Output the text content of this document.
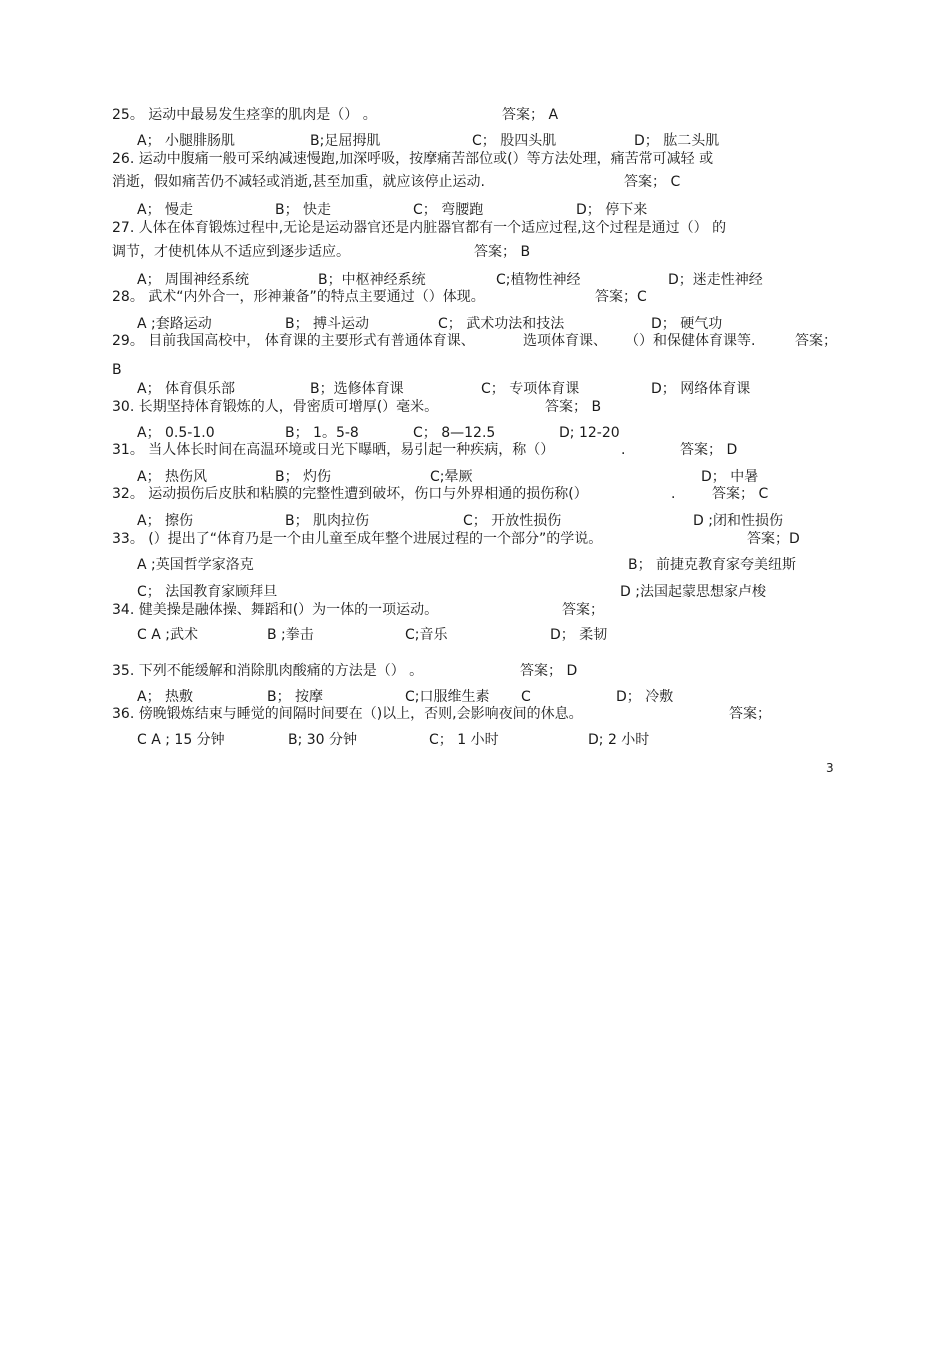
25。 运动中最易发生痉挛的肌肉是（） 。	答案； A
A； 小腿腓肠肌	B;足屈拇肌	C； 股四头肌	D； 肱二头肌
26. 运动中腹痛一般可采纳减速慢跑,加深呼吸，按摩痛苦部位或(）等方法处理，痛苦常可减轻 或
消逝，假如痛苦仍不减轻或消逝,甚至加重，就应该停止运动.	答案； C
A； 慢走	B； 快走	C； 弯腰跑	D； 停下来
27. 人体在体育锻炼过程中,无论是运动器官还是内脏器官都有一个适应过程,这个过程是通过（） 的
调节，才使机体从不适应到逐步适应。	答案； B
A； 周围神经系统	B；中枢神经系统	C;植物性神经	D；迷走性神经
28。 武术“内外合一，形神兼备”的特点主要通过（）体现。	答案；C
A ;套路运动	B； 搏斗运动	C； 武术功法和技法	D； 硬气功
29。 目前我国高校中， 体育课的主要形式有普通体育课、	选项体育课、 （）和保健体育课等.	答案；
B
A； 体育俱乐部	B；选修体育课	C； 专项体育课	D； 网络体育课
30. 长期坚持体育锻炼的人，骨密质可增厚(）毫米。	答案； B
A； 0.5-1.0	B； 1。5-8	C； 8—12.5	D; 12-20
31。 当人体长时间在高温环境或日光下曝晒，易引起一种疾病，称（）	.	答案； D
A； 热伤风	B； 灼伤	C;晕厥	D； 中暑
32。 运动损伤后皮肤和粘膜的完整性遭到破坏，伤口与外界相通的损伤称(）	.	答案； C
A； 擦伤	B； 肌肉拉伤	C； 开放性损伤	D ;闭和性损伤
33。 (）提出了“体育乃是一个由儿童至成年整个进展过程的一个部分”的学说。	答案；D
A ;英国哲学家洛克	B； 前捷克教育家夸美纽斯
C； 法国教育家顾拜旦	D ;法国起蒙思想家卢梭
34. 健美操是融体操、舞蹈和(）为一体的一项运动。	答案；
C A ;武术	B ;拳击	C;音乐	D； 柔韧
35. 下列不能缓解和消除肌肉酸痛的方法是（） 。	答案； D
A； 热敷	B； 按摩	C;口服维生素 C	D； 冷敷
36. 傍晚锻炼结束与睡觉的间隔时间要在（)以上，否则,会影响夜间的休息。	答案；
C A ; 15 分钟	B; 30 分钟	C； 1 小时	D; 2 小时
3
